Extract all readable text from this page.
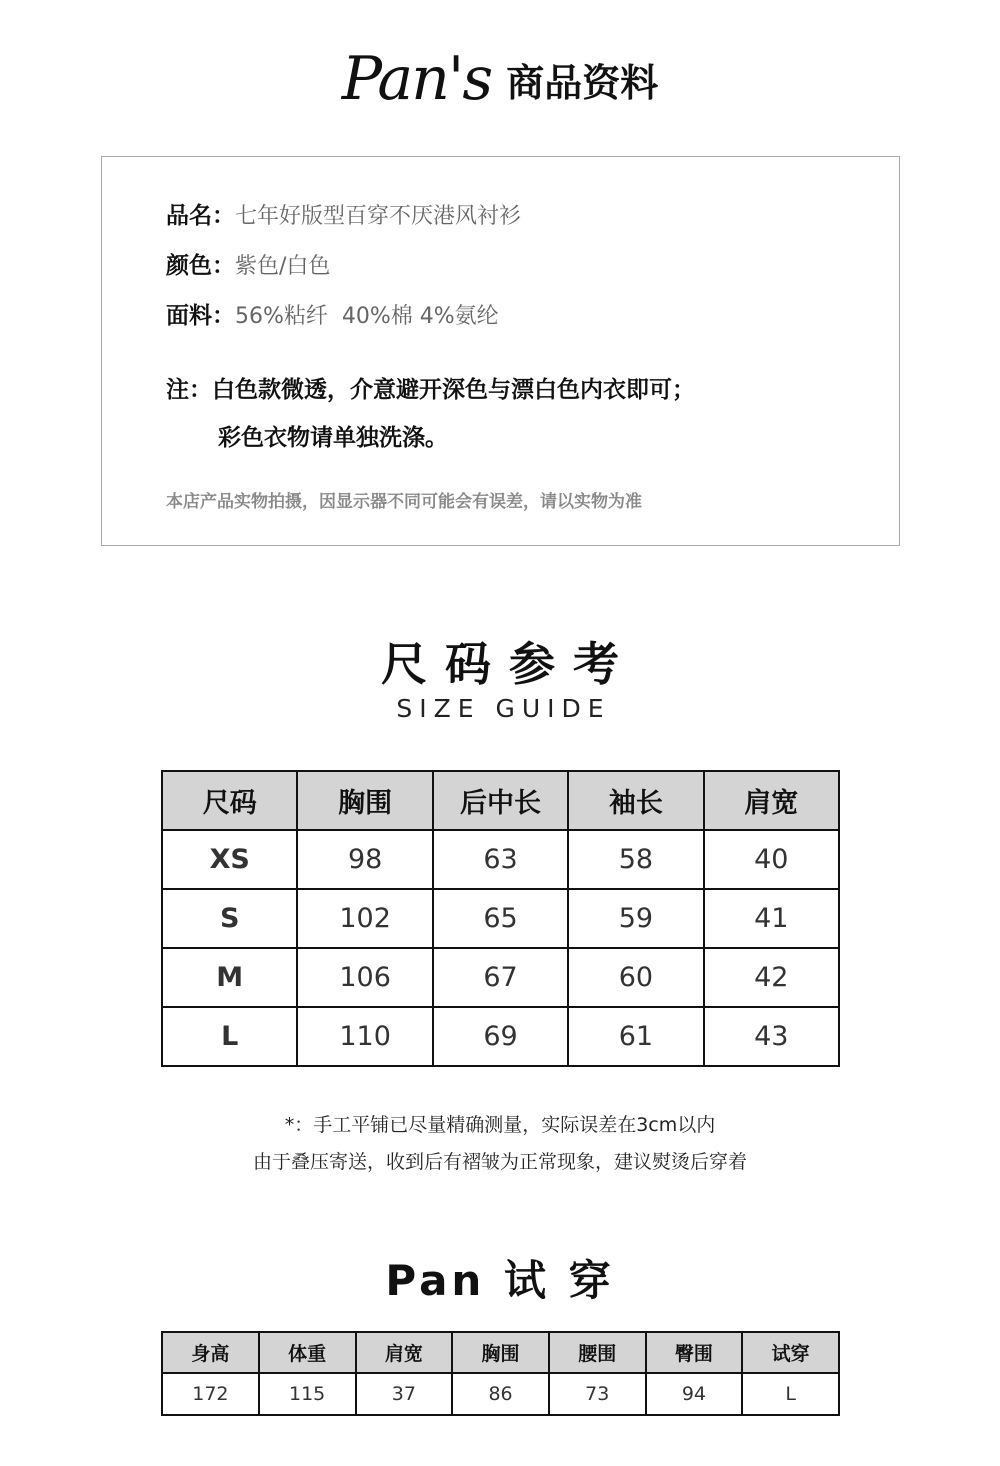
Pan's 商品资料
品名：七年好版型百穿不厌港风衬衫
颜色：紫色/白色
面料：56%粘纤  40%棉 4%氨纶
注：白色款微透，介意避开深色与漂白色内衣即可；
彩色衣物请单独洗涤。
本店产品实物拍摄，因显示器不同可能会有误差，请以实物为准
尺码参考
SIZE GUIDE
尺码	胸围	后中长	袖长	肩宽
XS	98	63	58	40
S	102	65	59	41
M	106	67	60	42
L	110	69	61	43
*：手工平铺已尽量精确测量，实际误差在3cm以内
由于叠压寄送，收到后有褶皱为正常现象，建议熨烫后穿着
Pan 试 穿
身高	体重	肩宽	胸围	腰围	臀围	试穿
172	115	37	86	73	94	L
